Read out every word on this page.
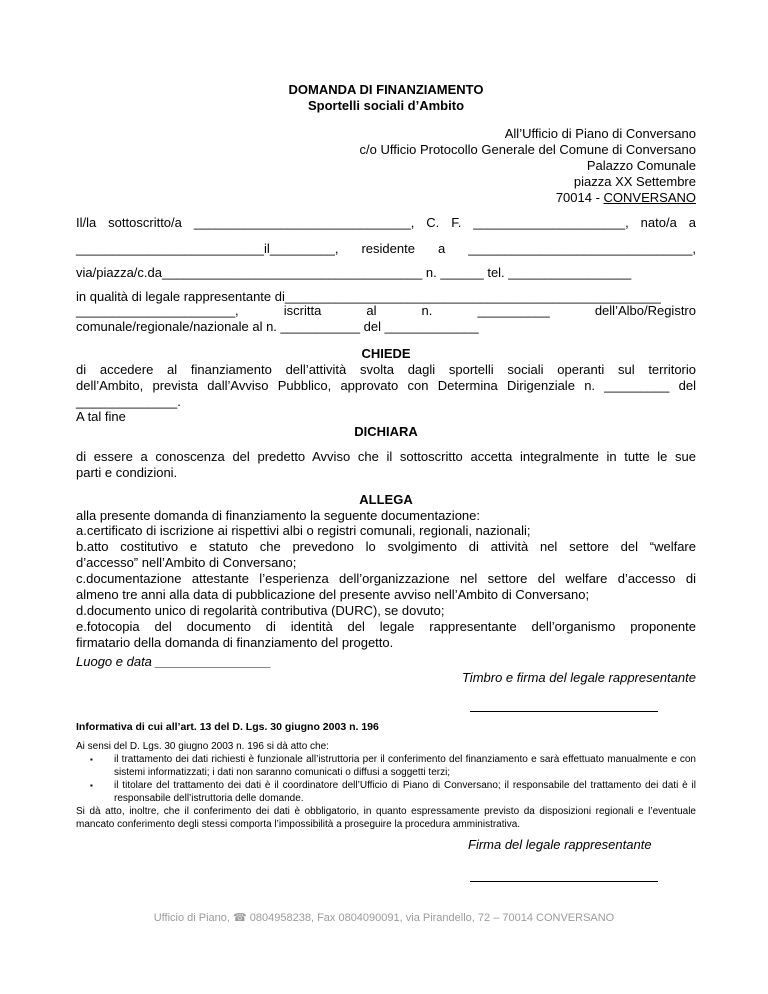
DOMANDA DI FINANZIAMENTO
Sportelli sociali d’Ambito
All’Ufficio di Piano di Conversano
c/o Ufficio Protocollo Generale del Comune di Conversano
Palazzo Comunale
piazza XX Settembre
70014 - CONVERSANO
Il/la sottoscritto/a ______________________________, C. F. _____________________, nato/a a
__________________________il_________, residente a _______________________________,
via/piazza/c.da____________________________________ n. ______ tel. _________________
in qualità di legale rappresentante di____________________________________________________
______________________,	iscritta	al	n.	__________	dell’Albo/Registro
comunale/regionale/nazionale al n. ___________ del _____________
CHIEDE
di accedere al finanziamento dell’attività svolta dagli sportelli sociali operanti sul territorio
dell’Ambito, prevista dall’Avviso Pubblico, approvato con Determina Dirigenziale n. _________ del
______________.
A tal fine
DICHIARA
di essere a conoscenza del predetto Avviso che il sottoscritto accetta integralmente in tutte le sue
parti e condizioni.
ALLEGA
alla presente domanda di finanziamento la seguente documentazione:
a.certificato di iscrizione ai rispettivi albi o registri comunali, regionali, nazionali;
b.atto costitutivo e statuto che prevedono lo svolgimento di attività nel settore del “welfare
d’accesso” nell’Ambito di Conversano;
c.documentazione attestante l’esperienza dell’organizzazione nel settore del welfare d’accesso di
almeno tre anni alla data di pubblicazione del presente avviso nell’Ambito di Conversano;
d.documento unico di regolarità contributiva (DURC), se dovuto;
e.fotocopia del documento di identità del legale rappresentante dell’organismo proponente
firmatario della domanda di finanziamento del progetto.
Luogo e data ________________
Timbro e firma del legale rappresentante
Informativa di cui all’art. 13 del D. Lgs. 30 giugno 2003 n. 196
Ai sensi del D. Lgs. 30 giugno 2003 n. 196 si dà atto che:
▪ il trattamento dei dati richiesti è funzionale all’istruttoria per il conferimento del finanziamento e sarà effettuato manualmente e con sistemi informatizzati; i dati non saranno comunicati o diffusi a soggetti terzi;
▪ il titolare del trattamento dei dati è il coordinatore dell’Ufficio di Piano di Conversano; il responsabile del trattamento dei dati è il responsabile dell’istruttoria delle domande.
Si dà atto, inoltre, che il conferimento dei dati è obbligatorio, in quanto espressamente previsto da disposizioni regionali e l’eventuale mancato conferimento degli stessi comporta l’impossibilità a proseguire la procedura amministrativa.
Firma del legale rappresentante
Ufficio di Piano, ☎ 0804958238, Fax 0804090091, via Pirandello, 72 – 70014 CONVERSANO
